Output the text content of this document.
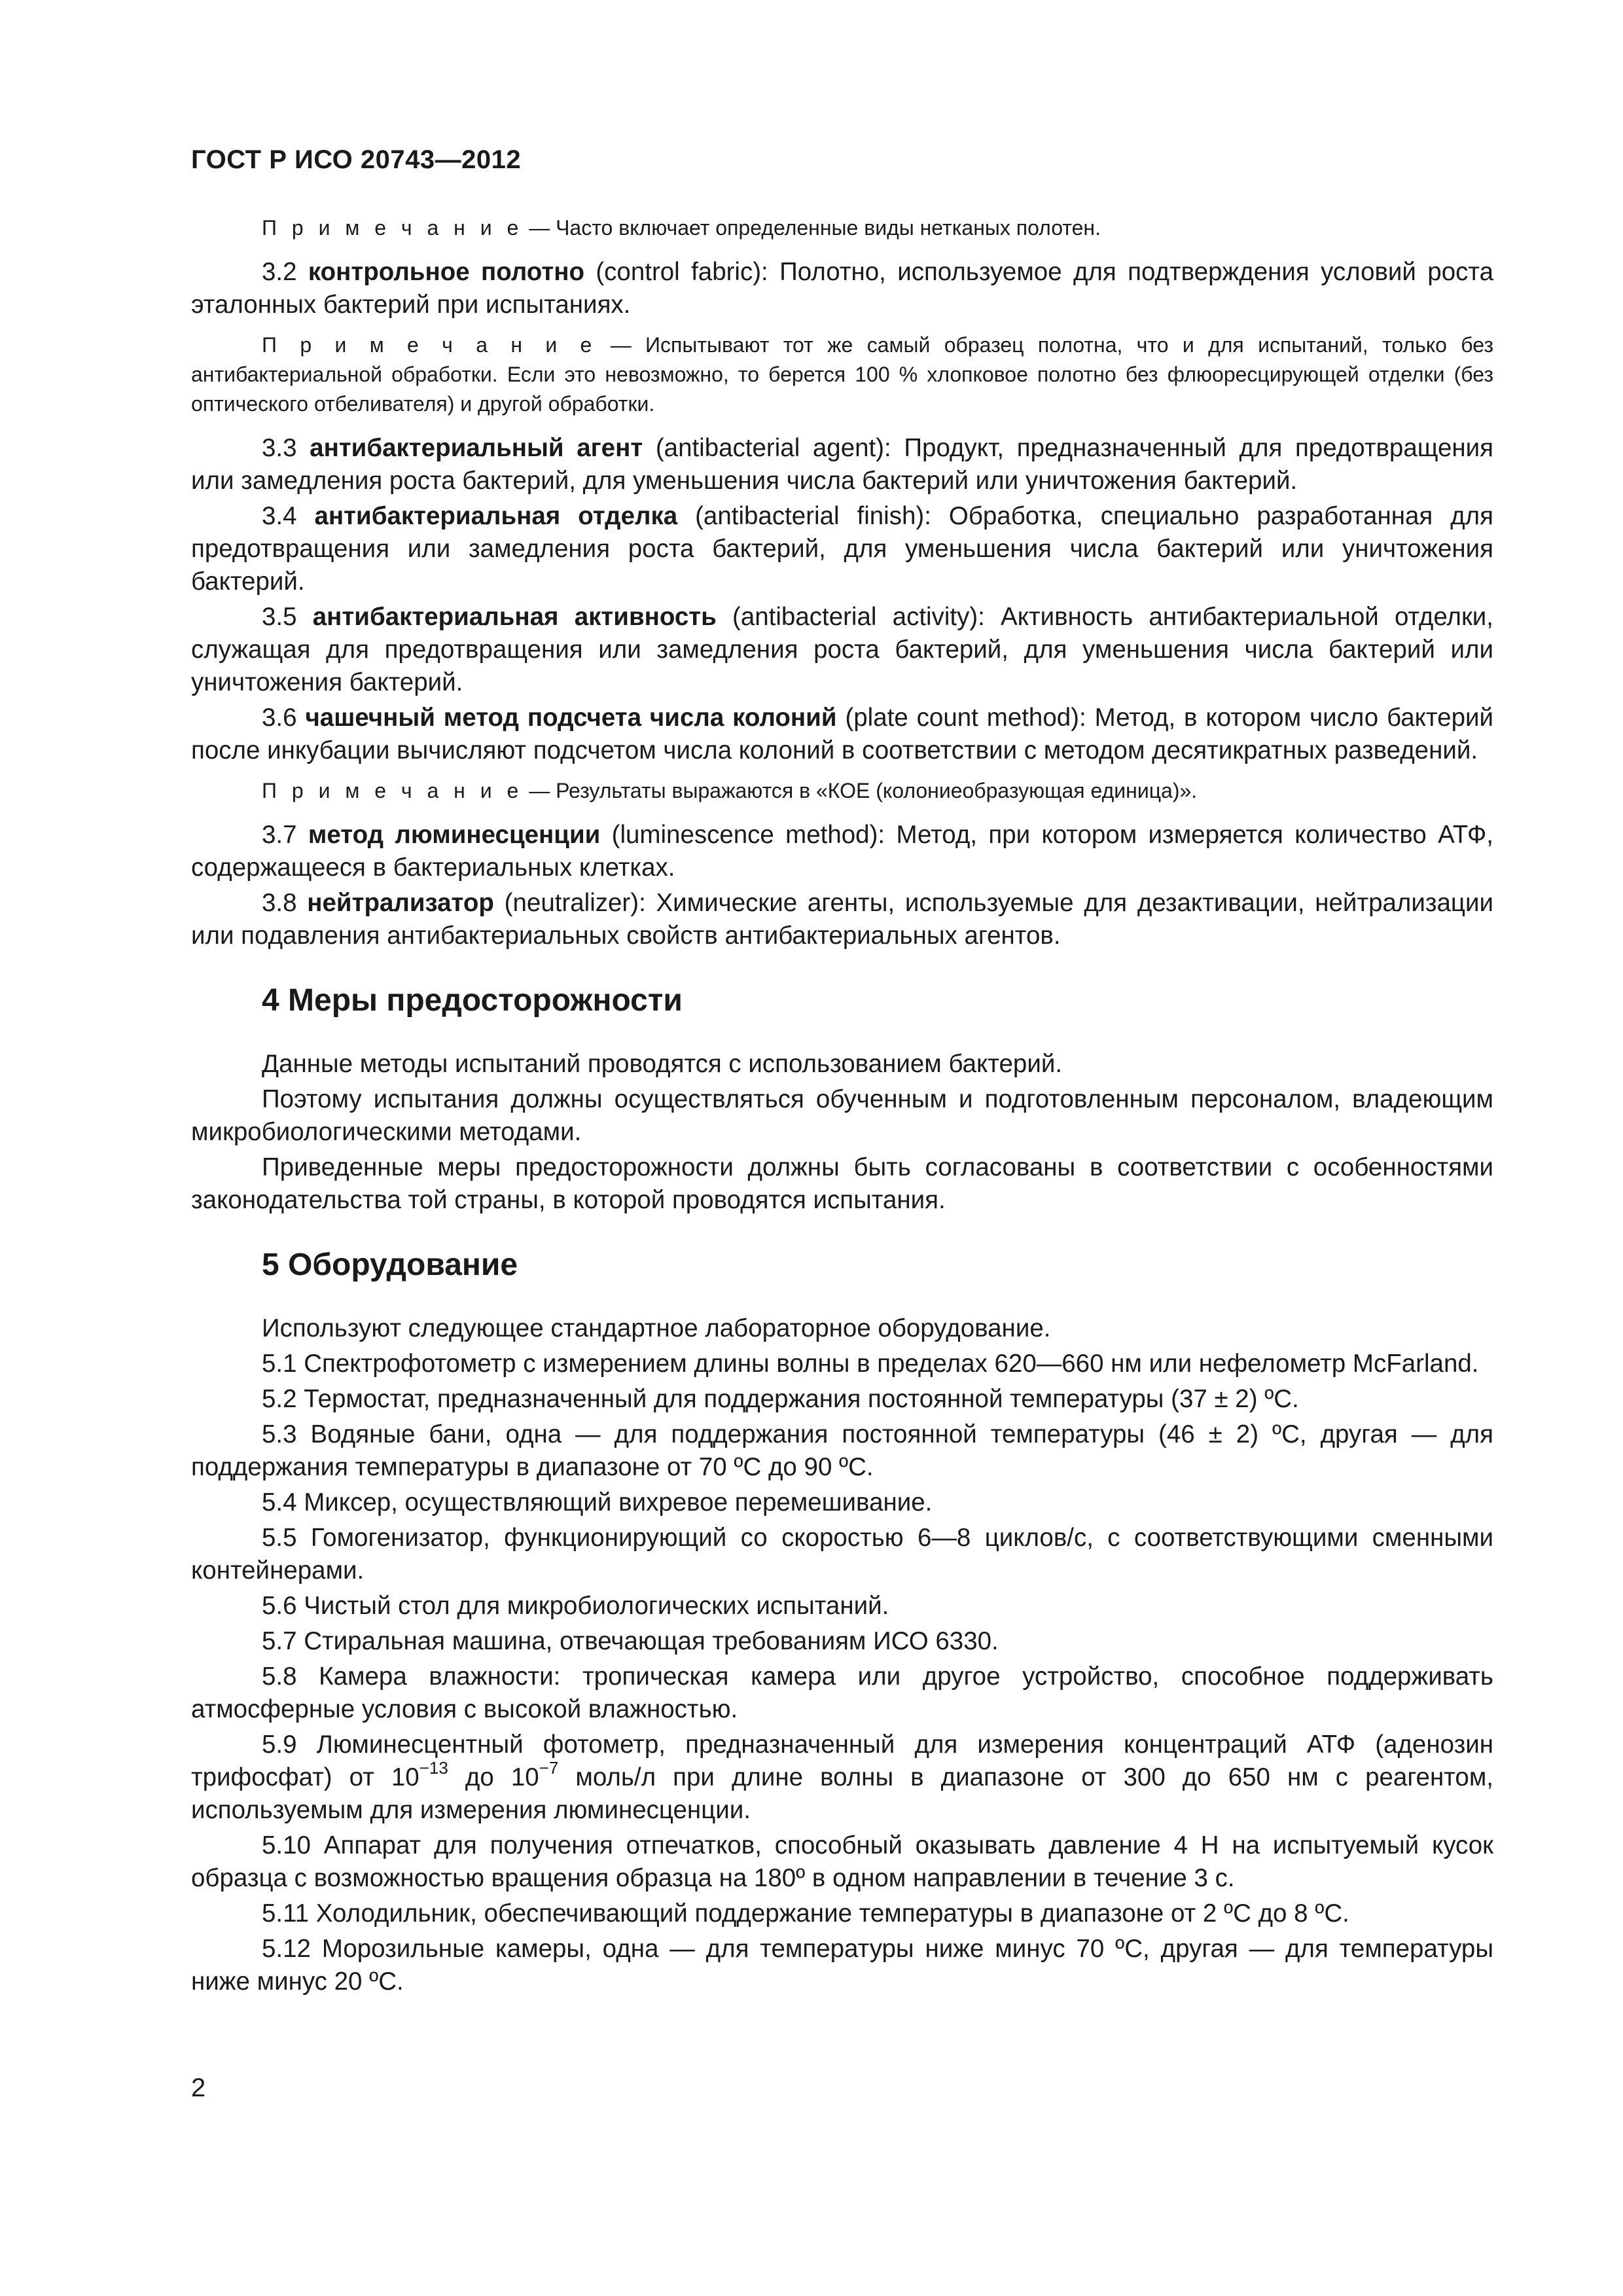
ГОСТ Р ИСО 20743—2012
П р и м е ч а н и е — Часто включает определенные виды нетканых полотен.
3.2 контрольное полотно (control fabric): Полотно, используемое для подтверждения условий роста эталонных бактерий при испытаниях.
П р и м е ч а н и е — Испытывают тот же самый образец полотна, что и для испытаний, только без антибактериальной обработки. Если это невозможно, то берется 100 % хлопковое полотно без флюоресцирующей отделки (без оптического отбеливателя) и другой обработки.
3.3 антибактериальный агент (antibacterial agent): Продукт, предназначенный для предотвращения или замедления роста бактерий, для уменьшения числа бактерий или уничтожения бактерий.
3.4 антибактериальная отделка (antibacterial finish): Обработка, специально разработанная для предотвращения или замедления роста бактерий, для уменьшения числа бактерий или уничтожения бактерий.
3.5 антибактериальная активность (antibacterial activity): Активность антибактериальной отделки, служащая для предотвращения или замедления роста бактерий, для уменьшения числа бактерий или уничтожения бактерий.
3.6 чашечный метод подсчета числа колоний (plate count method): Метод, в котором число бактерий после инкубации вычисляют подсчетом числа колоний в соответствии с методом десятикратных разведений.
П р и м е ч а н и е — Результаты выражаются в «КОЕ (колониеобразующая единица)».
3.7 метод люминесценции (luminescence method): Метод, при котором измеряется количество АТФ, содержащееся в бактериальных клетках.
3.8 нейтрализатор (neutralizer): Химические агенты, используемые для дезактивации, нейтрализации или подавления антибактериальных свойств антибактериальных агентов.
4 Меры предосторожности
Данные методы испытаний проводятся с использованием бактерий.
Поэтому испытания должны осуществляться обученным и подготовленным персоналом, владеющим микробиологическими методами.
Приведенные меры предосторожности должны быть согласованы в соответствии с особенностями законодательства той страны, в которой проводятся испытания.
5 Оборудование
Используют следующее стандартное лабораторное оборудование.
5.1 Спектрофотометр с измерением длины волны в пределах 620—660 нм или нефелометр McFarland.
5.2 Термостат, предназначенный для поддержания постоянной температуры (37 ± 2) ºC.
5.3 Водяные бани, одна — для поддержания постоянной температуры (46 ± 2) ºC, другая — для поддержания температуры в диапазоне от 70 ºC до 90 ºC.
5.4 Миксер, осуществляющий вихревое перемешивание.
5.5 Гомогенизатор, функционирующий со скоростью 6—8 циклов/с, с соответствующими сменными контейнерами.
5.6 Чистый стол для микробиологических испытаний.
5.7 Стиральная машина, отвечающая требованиям ИСО 6330.
5.8 Камера влажности: тропическая камера или другое устройство, способное поддерживать атмосферные условия с высокой влажностью.
5.9 Люминесцентный фотометр, предназначенный для измерения концентраций АТФ (аденозин трифосфат) от $10^{-13}$ до $10^{-7}$ моль/л при длине волны в диапазоне от 300 до 650 нм с реагентом, используемым для измерения люминесценции.
5.10 Аппарат для получения отпечатков, способный оказывать давление 4 Н на испытуемый кусок образца с возможностью вращения образца на 180º в одном направлении в течение 3 с.
5.11 Холодильник, обеспечивающий поддержание температуры в диапазоне от 2 ºC до 8 ºC.
5.12 Морозильные камеры, одна — для температуры ниже минус 70 ºC, другая — для температуры ниже минус 20 ºC.
2
